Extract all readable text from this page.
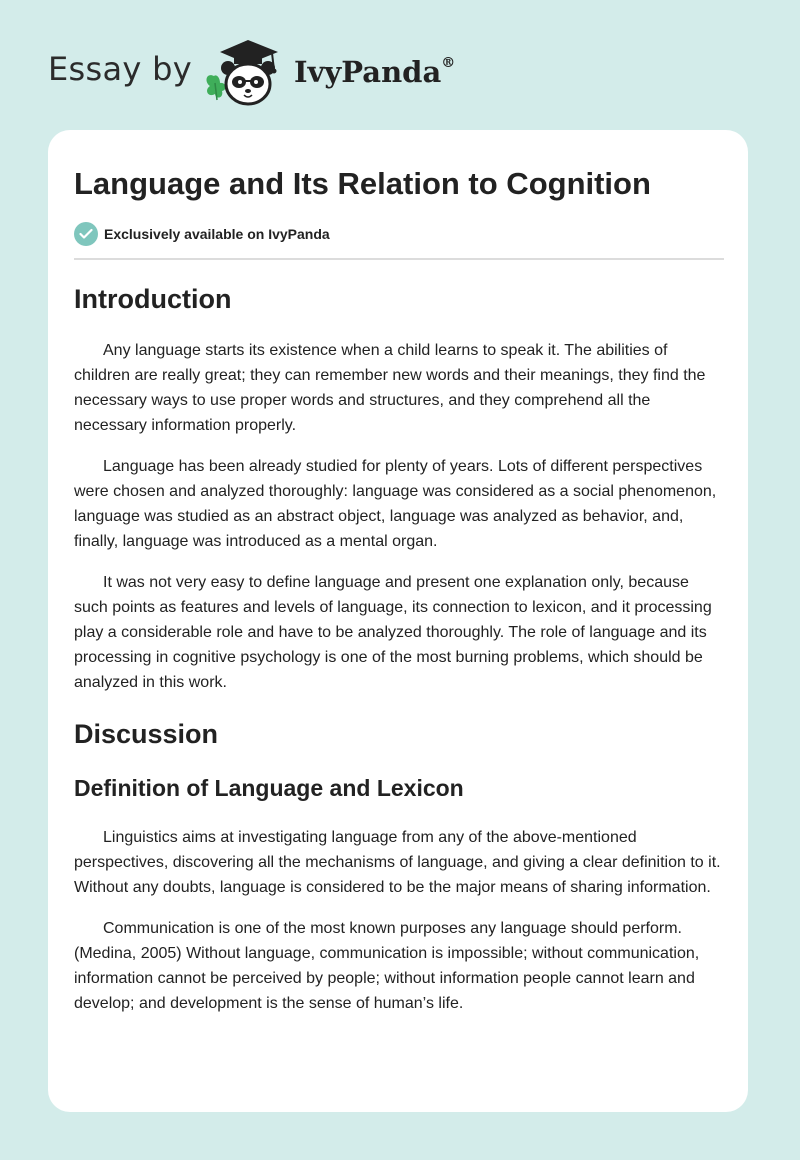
Essay by	IvyPanda®
Language and Its Relation to Cognition
Exclusively available on IvyPanda
Introduction

Any language starts its existence when a child learns to speak it. The abilities of children are really great; they can remember new words and their meanings, they find the necessary ways to use proper words and structures, and they comprehend all the necessary information properly.

Language has been already studied for plenty of years. Lots of different perspectives were chosen and analyzed thoroughly: language was considered as a social phenomenon, language was studied as an abstract object, language was analyzed as behavior, and, finally, language was introduced as a mental organ.

It was not very easy to define language and present one explanation only, because such points as features and levels of language, its connection to lexicon, and it processing play a considerable role and have to be analyzed thoroughly. The role of language and its processing in cognitive psychology is one of the most burning problems, which should be analyzed in this work.

Discussion
Definition of Language and Lexicon

Linguistics aims at investigating language from any of the above-mentioned perspectives, discovering all the mechanisms of language, and giving a clear definition to it. Without any doubts, language is considered to be the major means of sharing information.

Communication is one of the most known purposes any language should perform. (Medina, 2005) Without language, communication is impossible; without communication, information cannot be perceived by people; without information people cannot learn and develop; and development is the sense of human’s life.
